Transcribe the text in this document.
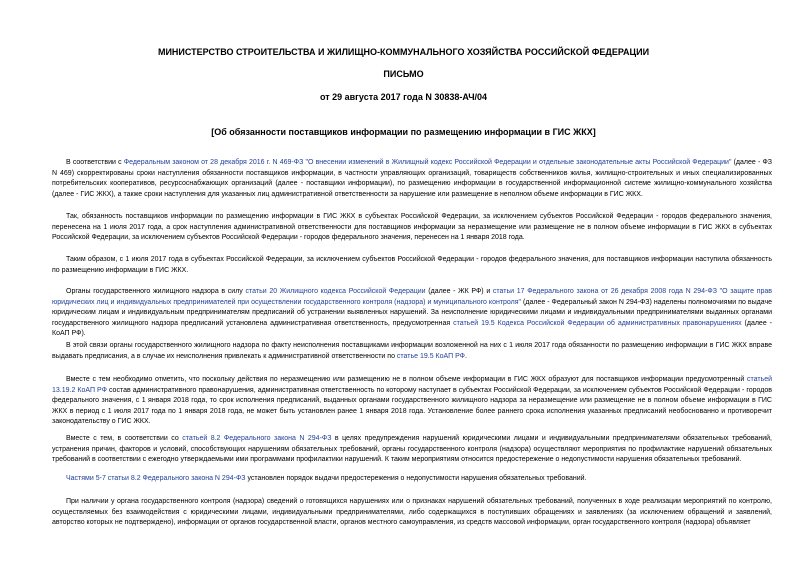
МИНИСТЕРСТВО СТРОИТЕЛЬСТВА И ЖИЛИЩНО-КОММУНАЛЬНОГО ХОЗЯЙСТВА РОССИЙСКОЙ ФЕДЕРАЦИИ
ПИСЬМО
от 29 августа 2017 года N 30838-АЧ/04
[Об обязанности поставщиков информации по размещению информации в ГИС ЖКХ]
В соответствии с Федеральным законом от 28 декабря 2016 г. N 469-ФЗ "О внесении изменений в Жилищный кодекс Российской Федерации и отдельные законодательные акты Российской Федерации" (далее - ФЗ N 469) скорректированы сроки наступления обязанности поставщиков информации, в частности управляющих организаций, товариществ собственников жилья, жилищно-строительных и иных специализированных потребительских кооперативов, ресурсоснабжающих организаций (далее - поставщики информации), по размещению информации в государственной информационной системе жилищно-коммунального хозяйства (далее - ГИС ЖКХ), а также сроки наступления для указанных лиц административной ответственности за нарушение или размещение в неполном объеме информации в ГИС ЖКХ.
Так, обязанность поставщиков информации по размещению информации в ГИС ЖКХ в субъектах Российской Федерации, за исключением субъектов Российской Федерации - городов федерального значения, перенесена на 1 июля 2017 года, а срок наступления административной ответственности для поставщиков информации за неразмещение или размещение не в полном объеме информации в ГИС ЖКХ в субъектах Российской Федерации, за исключением субъектов Российской Федерации - городов федерального значения, перенесен на 1 января 2018 года.
Таким образом, с 1 июля 2017 года в субъектах Российской Федерации, за исключением субъектов Российской Федерации - городов федерального значения, для поставщиков информации наступила обязанность по размещению информации в ГИС ЖКХ.
Органы государственного жилищного надзора в силу статьи 20 Жилищного кодекса Российской Федерации (далее - ЖК РФ) и статьи 17 Федерального закона от 26 декабря 2008 года N 294-ФЗ "О защите прав юридических лиц и индивидуальных предпринимателей при осуществлении государственного контроля (надзора) и муниципального контроля" (далее - Федеральный закон N 294-ФЗ) наделены полномочиями по выдаче юридическим лицам и индивидуальным предпринимателям предписаний об устранении выявленных нарушений. За неисполнение юридическими лицами и индивидуальными предпринимателями выданных органами государственного жилищного надзора предписаний установлена административная ответственность, предусмотренная статьей 19.5 Кодекса Российской Федерации об административных правонарушениях (далее - КоАП РФ).
В этой связи органы государственного жилищного надзора по факту неисполнения поставщиками информации возложенной на них с 1 июля 2017 года обязанности по размещению информации в ГИС ЖКХ вправе выдавать предписания, а в случае их неисполнения привлекать к административной ответственности по статье 19.5 КоАП РФ.
Вместе с тем необходимо отметить, что поскольку действия по неразмещению или размещению не в полном объеме информации в ГИС ЖКХ образуют для поставщиков информации предусмотренный статьей 13.19.2 КоАП РФ состав административного правонарушения, административная ответственность по которому наступает в субъектах Российской Федерации, за исключением субъектов Российской Федерации - городов федерального значения, с 1 января 2018 года, то срок исполнения предписаний, выданных органами государственного жилищного надзора за неразмещение или размещение не в полном объеме информации в ГИС ЖКХ в период с 1 июля 2017 года по 1 января 2018 года, не может быть установлен ранее 1 января 2018 года. Установление более раннего срока исполнения указанных предписаний необоснованно и противоречит законодательству о ГИС ЖКХ.
Вместе с тем, в соответствии со статьей 8.2 Федерального закона N 294-ФЗ в целях предупреждения нарушений юридическими лицами и индивидуальными предпринимателями обязательных требований, устранения причин, факторов и условий, способствующих нарушениям обязательных требований, органы государственного контроля (надзора) осуществляют мероприятия по профилактике нарушений обязательных требований в соответствии с ежегодно утверждаемыми ими программами профилактики нарушений. К таким мероприятиям относится предостережение о недопустимости нарушения обязательных требований.
Частями 5-7 статьи 8.2 Федерального закона N 294-ФЗ установлен порядок выдачи предостережения о недопустимости нарушения обязательных требований.
При наличии у органа государственного контроля (надзора) сведений о готовящихся нарушениях или о признаках нарушений обязательных требований, полученных в ходе реализации мероприятий по контролю, осуществляемых без взаимодействия с юридическими лицами, индивидуальными предпринимателями, либо содержащихся в поступивших обращениях и заявлениях (за исключением обращений и заявлений, авторство которых не подтверждено), информации от органов государственной власти, органов местного самоуправления, из средств массовой информации, орган государственного контроля (надзора) объявляет
